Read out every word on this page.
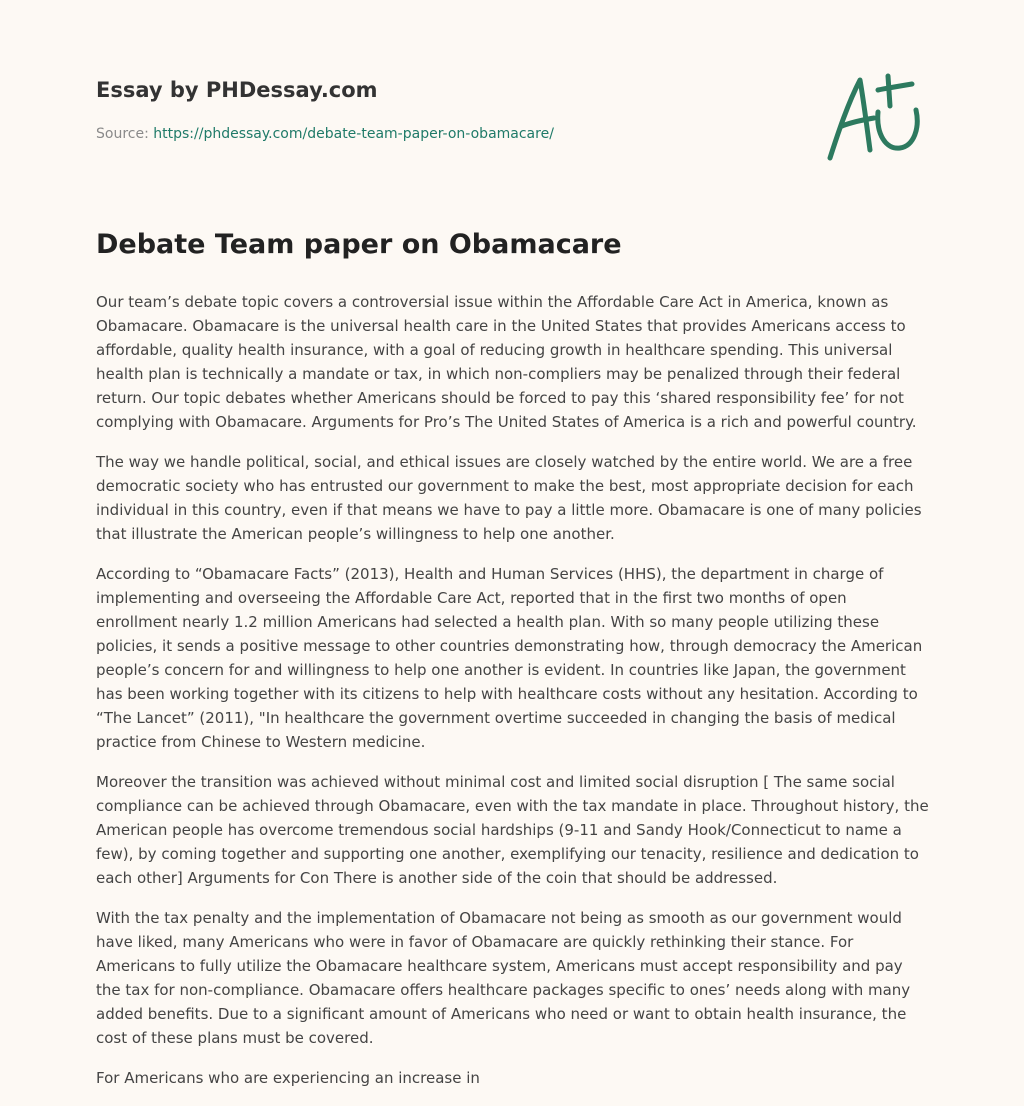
Essay by PHDessay.com
Source: https://phdessay.com/debate-team-paper-on-obamacare/
Debate Team paper on Obamacare

Our team’s debate topic covers a controversial issue within the Affordable Care Act in America, known as Obamacare. Obamacare is the universal health care in the United States that provides Americans access to affordable, quality health insurance, with a goal of reducing growth in healthcare spending. This universal health plan is technically a mandate or tax, in which non-compliers may be penalized through their federal return. Our topic debates whether Americans should be forced to pay this ‘shared responsibility fee’ for not complying with Obamacare. Arguments for Pro’s The United States of America is a rich and powerful country.

The way we handle political, social, and ethical issues are closely watched by the entire world. We are a free democratic society who has entrusted our government to make the best, most appropriate decision for each individual in this country, even if that means we have to pay a little more. Obamacare is one of many policies that illustrate the American people’s willingness to help one another.

According to “Obamacare Facts” (2013), Health and Human Services (HHS), the department in charge of implementing and overseeing the Affordable Care Act, reported that in the first two months of open enrollment nearly 1.2 million Americans had selected a health plan. With so many people utilizing these policies, it sends a positive message to other countries demonstrating how, through democracy the American people’s concern for and willingness to help one another is evident. In countries like Japan, the government has been working together with its citizens to help with healthcare costs without any hesitation. According to “The Lancet” (2011), "In healthcare the government overtime succeeded in changing the basis of medical practice from Chinese to Western medicine.

Moreover the transition was achieved without minimal cost and limited social disruption [ The same social compliance can be achieved through Obamacare, even with the tax mandate in place. Throughout history, the American people has overcome tremendous social hardships (9-11 and Sandy Hook/Connecticut to name a few), by coming together and supporting one another, exemplifying our tenacity, resilience and dedication to each other] Arguments for Con There is another side of the coin that should be addressed.

With the tax penalty and the implementation of Obamacare not being as smooth as our government would have liked, many Americans who were in favor of Obamacare are quickly rethinking their stance. For Americans to fully utilize the Obamacare healthcare system, Americans must accept responsibility and pay the tax for non-compliance. Obamacare offers healthcare packages specific to ones’ needs along with many added benefits. Due to a significant amount of Americans who need or want to obtain health insurance, the cost of these plans must be covered.

For Americans who are experiencing an increase in
